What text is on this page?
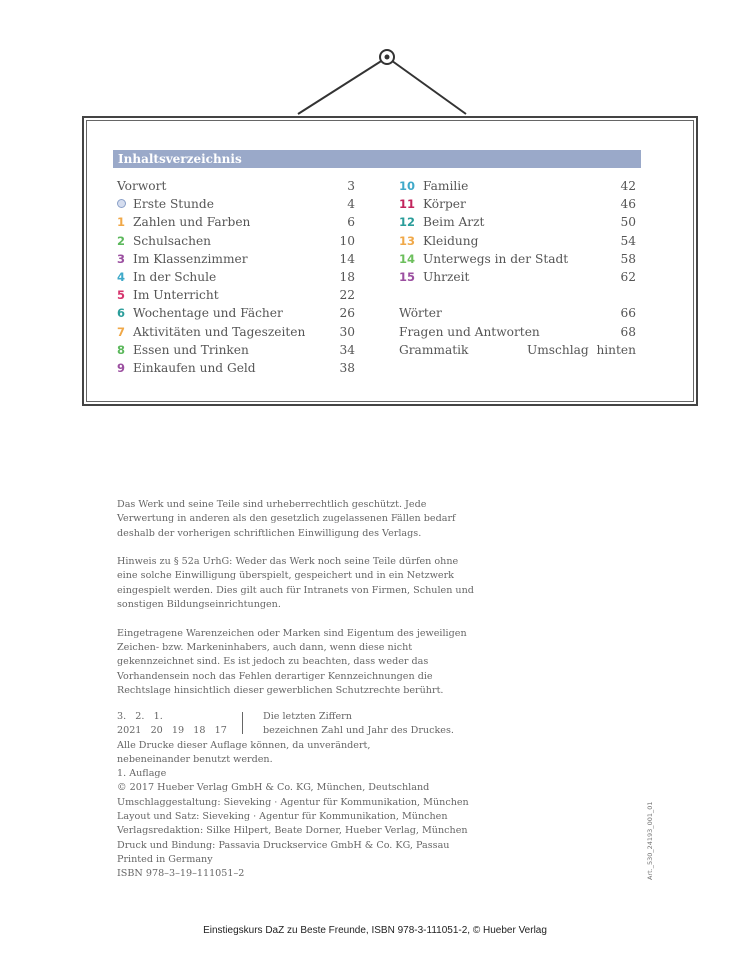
Inhaltsverzeichnis
Vorwort	3
Erste Stunde	4
1 Zahlen und Farben	6
2 Schulsachen	10
3 Im Klassenzimmer	14
4 In der Schule	18
5 Im Unterricht	22
6 Wochentage und Fächer	26
7 Aktivitäten und Tageszeiten	30
8 Essen und Trinken	34
9 Einkaufen und Geld	38
10 Familie	42
11 Körper	46
12 Beim Arzt	50
13 Kleidung	54
14 Unterwegs in der Stadt	58
15 Uhrzeit	62
Wörter	66
Fragen und Antworten	68
Grammatik	Umschlag  hinten

Das Werk und seine Teile sind urheberrechtlich geschützt. Jede Verwertung in anderen als den gesetzlich zugelassenen Fällen bedarf deshalb der vorherigen schriftlichen Einwilligung des Verlags.

Hinweis zu § 52a UrhG: Weder das Werk noch seine Teile dürfen ohne eine solche Einwilligung überspielt, gespeichert und in ein Netzwerk eingespielt werden. Dies gilt auch für Intranets von Firmen, Schulen und sonstigen Bildungseinrichtungen.

Eingetragene Warenzeichen oder Marken sind Eigentum des jeweiligen Zeichen- bzw. Markeninhabers, auch dann, wenn diese nicht gekennzeichnet sind. Es ist jedoch zu beachten, dass weder das Vorhandensein noch das Fehlen derartiger Kennzeichnungen die Rechtslage hinsichtlich dieser gewerblichen Schutzrechte berührt.

3.   2.   1.
2021   20   19   18   17
Die letzten Ziffern
bezeichnen Zahl und Jahr des Druckes.
Alle Drucke dieser Auflage können, da unverändert,
nebeneinander benutzt werden.
1. Auflage
© 2017 Hueber Verlag GmbH & Co. KG, München, Deutschland
Umschlaggestaltung: Sieveking · Agentur für Kommunikation, München
Layout und Satz: Sieveking · Agentur für Kommunikation, München
Verlagsredaktion: Silke Hilpert, Beate Dorner, Hueber Verlag, München
Druck und Bindung: Passavia Druckservice GmbH & Co. KG, Passau
Printed in Germany
ISBN 978–3–19–111051–2	Art._530_24193_001_01
Einstiegskurs DaZ zu Beste Freunde, ISBN 978-3-111051-2, © Hueber Verlag
